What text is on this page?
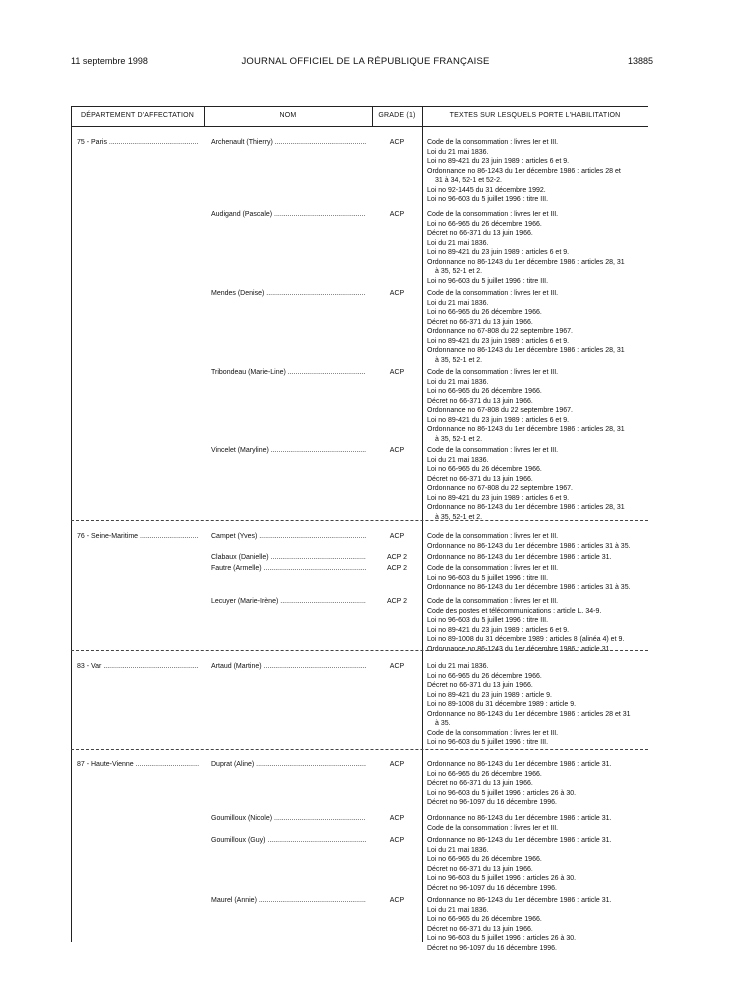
11 septembre 1998	JOURNAL OFFICIEL DE LA RÉPUBLIQUE FRANÇAISE	13885
DÉPARTEMENT D'AFFECTATION	NOM	GRADE (1)	TEXTES SUR LESQUELS PORTE L'HABILITATION
75 - Paris .....	Archenault (Thierry) .....	ACP	Code de la consommation : livres Ier et III.
Loi du 21 mai 1836.
Loi no 89-421 du 23 juin 1989 : articles 6 et 9.
Ordonnance no 86-1243 du 1er décembre 1986 : articles 28 et
31 à 34, 52-1 et 52-2.
Loi no 92-1445 du 31 décembre 1992.
Loi no 96-603 du 5 juillet 1996 : titre III.
Audigand (Pascale) .....	ACP	Code de la consommation : livres Ier et III.
Loi no 66-965 du 26 décembre 1966.
Décret no 66-371 du 13 juin 1966.
Loi du 21 mai 1836.
Loi no 89-421 du 23 juin 1989 : articles 6 et 9.
Ordonnance no 86-1243 du 1er décembre 1986 : articles 28, 31
à 35, 52-1 et 2.
Loi no 96-603 du 5 juillet 1996 : titre III.
Mendes (Denise) .....	ACP	Code de la consommation : livres Ier et III.
Loi du 21 mai 1836.
Loi no 66-965 du 26 décembre 1966.
Décret no 66-371 du 13 juin 1966.
Ordonnance no 67-808 du 22 septembre 1967.
Loi no 89-421 du 23 juin 1989 : articles 6 et 9.
Ordonnance no 86-1243 du 1er décembre 1986 : articles 28, 31
à 35, 52-1 et 2.
Tribondeau (Marie-Line) .....	ACP	Code de la consommation : livres Ier et III.
Loi du 21 mai 1836.
Loi no 66-965 du 26 décembre 1966.
Décret no 66-371 du 13 juin 1966.
Ordonnance no 67-808 du 22 septembre 1967.
Loi no 89-421 du 23 juin 1989 : articles 6 et 9.
Ordonnance no 86-1243 du 1er décembre 1986 : articles 28, 31
à 35, 52-1 et 2.
Vincelet (Maryline) .....	ACP	Code de la consommation : livres Ier et III.
Loi du 21 mai 1836.
Loi no 66-965 du 26 décembre 1966.
Décret no 66-371 du 13 juin 1966.
Ordonnance no 67-808 du 22 septembre 1967.
Loi no 89-421 du 23 juin 1989 : articles 6 et 9.
Ordonnance no 86-1243 du 1er décembre 1986 : articles 28, 31
à 35, 52-1 et 2.
76 - Seine-Maritime .....	Campet (Yves) .....	ACP	Code de la consommation : livres Ier et III.
Ordonnance no 86-1243 du 1er décembre 1986 : articles 31 à 35.
Clabaux (Danielle) .....	ACP 2	Ordonnance no 86-1243 du 1er décembre 1986 : article 31.
Fautre (Armelle) .....	ACP 2	Code de la consommation : livres Ier et III.
Loi no 96-603 du 5 juillet 1996 : titre III.
Ordonnance no 86-1243 du 1er décembre 1986 : articles 31 à 35.
Lecuyer (Marie-Irène) .....	ACP 2	Code de la consommation : livres Ier et III.
Code des postes et télécommunications : article L. 34-9.
Loi no 96-603 du 5 juillet 1996 : titre III.
Loi no 89-421 du 23 juin 1989 : articles 6 et 9.
Loi no 89-1008 du 31 décembre 1989 : articles 8 (alinéa 4) et 9.
Ordonnance no 86-1243 du 1er décembre 1986 : article 31.
83 - Var .....	Artaud (Martine) .....	ACP	Loi du 21 mai 1836.
Loi no 66-965 du 26 décembre 1966.
Décret no 66-371 du 13 juin 1966.
Loi no 89-421 du 23 juin 1989 : article 9.
Loi no 89-1008 du 31 décembre 1989 : article 9.
Ordonnance no 86-1243 du 1er décembre 1986 : articles 28 et 31
à 35.
Code de la consommation : livres Ier et III.
Loi no 96-603 du 5 juillet 1996 : titre III.
87 - Haute-Vienne .....	Duprat (Aline) .....	ACP	Ordonnance no 86-1243 du 1er décembre 1986 : article 31.
Loi no 66-965 du 26 décembre 1966.
Décret no 66-371 du 13 juin 1966.
Loi no 96-603 du 5 juillet 1996 : articles 26 à 30.
Décret no 96-1097 du 16 décembre 1996.
Goumilloux (Nicole) .....	ACP	Ordonnance no 86-1243 du 1er décembre 1986 : article 31.
Code de la consommation : livres Ier et III.
Goumilloux (Guy) .....	ACP	Ordonnance no 86-1243 du 1er décembre 1986 : article 31.
Loi du 21 mai 1836.
Loi no 66-965 du 26 décembre 1966.
Décret no 66-371 du 13 juin 1966.
Loi no 96-603 du 5 juillet 1996 : articles 26 à 30.
Décret no 96-1097 du 16 décembre 1996.
Maurel (Annie) .....	ACP	Ordonnance no 86-1243 du 1er décembre 1986 : article 31.
Loi du 21 mai 1836.
Loi no 66-965 du 26 décembre 1966.
Décret no 66-371 du 13 juin 1966.
Loi no 96-603 du 5 juillet 1996 : articles 26 à 30.
Décret no 96-1097 du 16 décembre 1996.
